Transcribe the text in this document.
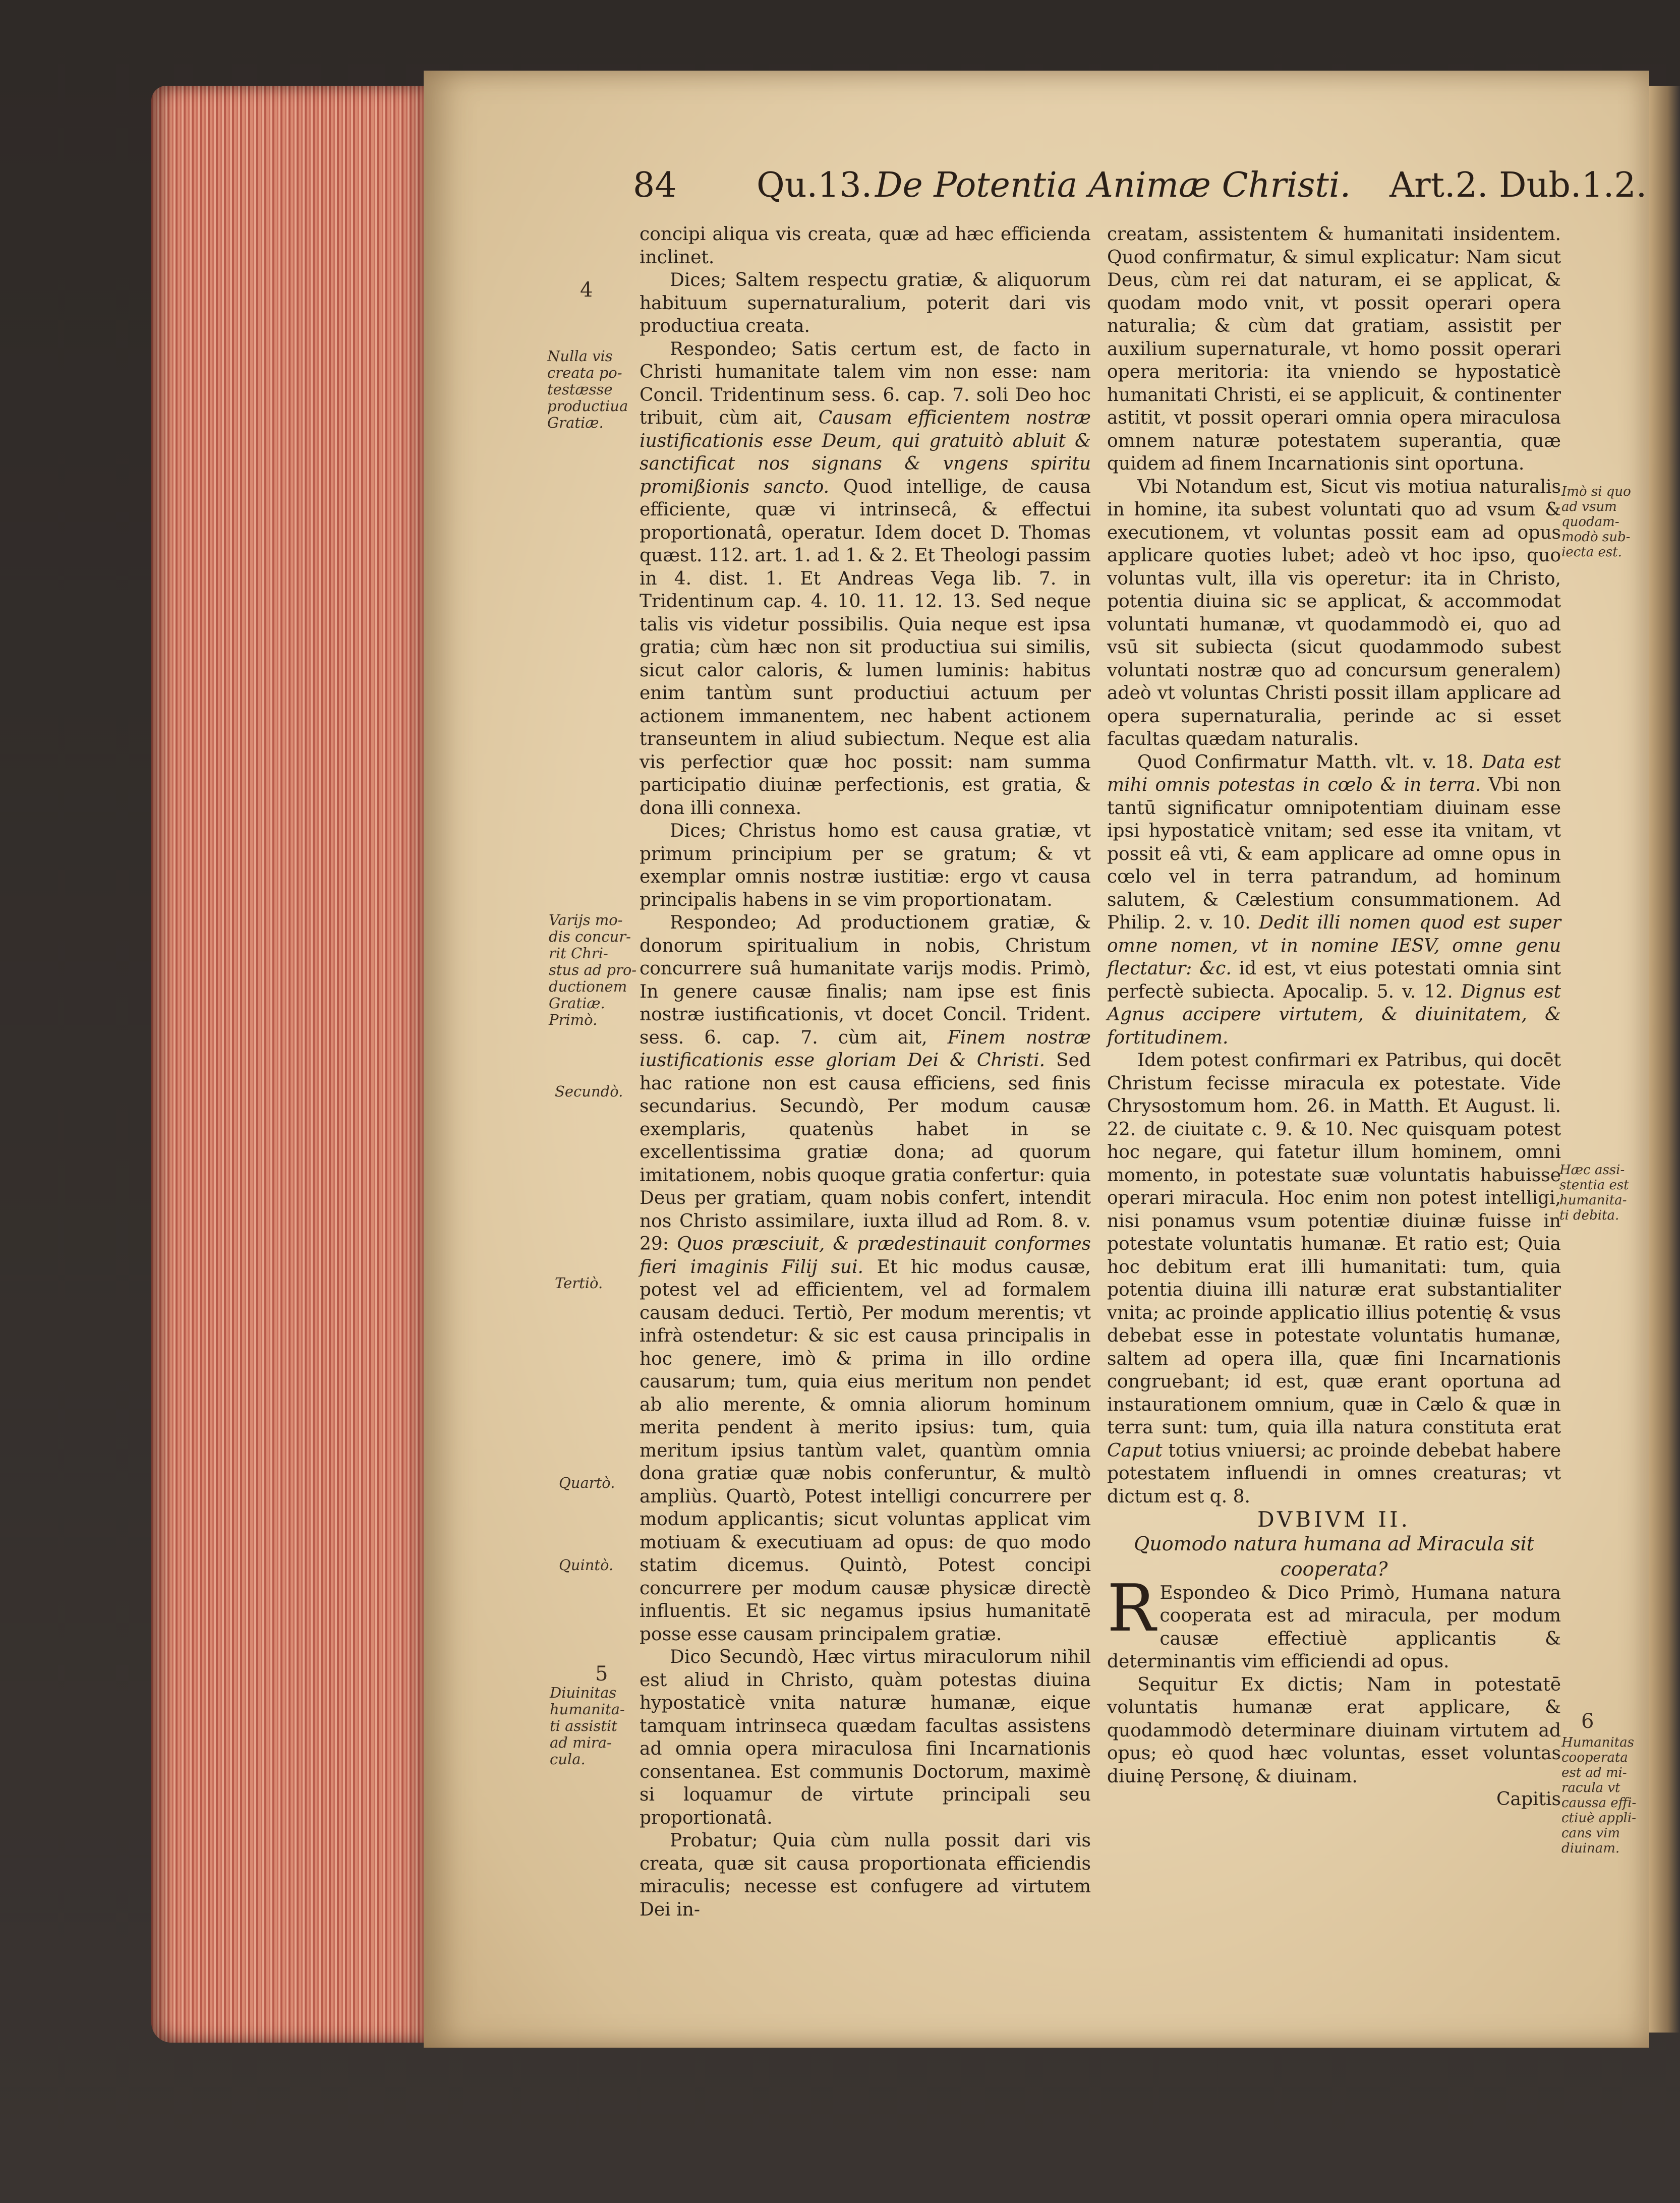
84 Qu.13. De Potentia Animæ Christi. Art.2. Dub.1.2.

concipi aliqua vis creata, quæ ad hæc efficienda inclinet.

Dices; Saltem respectu gratiæ, & aliquorum habituum supernaturalium, poterit dari vis productiua creata.

Respondeo; Satis certum est, de facto in Christi humanitate talem vim non esse: nam Concil. Tridentinum sess. 6. cap. 7. soli Deo hoc tribuit, cùm ait, Causam efficientem nostræ iustificationis esse Deum, qui gratuitò abluit & sanctificat nos signans & vngens spiritu promißionis sancto. Quod intellige, de causa efficiente, quæ vi intrinsecâ, & effectui proportionatâ, operatur. Idem docet D. Thomas quæst. 112. art. 1. ad 1. & 2. Et Theologi passim in 4. dist. 1. Et Andreas Vega lib. 7. in Tridentinum cap. 4. 10. 11. 12. 13. Sed neque talis vis videtur possibilis. Quia neque est ipsa gratia; cùm hæc non sit productiua sui similis, sicut calor caloris, & lumen luminis: habitus enim tantùm sunt productiui actuum per actionem immanentem, nec habent actionem transeuntem in aliud subiectum. Neque est alia vis perfectior quæ hoc possit: nam summa participatio diuinæ perfectionis, est gratia, & dona illi connexa.

Dices; Christus homo est causa gratiæ, vt primum principium per se gratum; & vt exemplar omnis nostræ iustitiæ: ergo vt causa principalis habens in se vim proportionatam.

Respondeo; Ad productionem gratiæ, & donorum spiritualium in nobis, Christum concurrere suâ humanitate varijs modis. Primò, In genere causæ finalis; nam ipse est finis nostræ iustificationis, vt docet Concil. Trident. sess. 6. cap. 7. cùm ait, Finem nostræ iustificationis esse gloriam Dei & Christi. Sed hac ratione non est causa efficiens, sed finis secundarius. Secundò, Per modum causæ exemplaris, quatenùs habet in se excellentissima gratiæ dona; ad quorum imitationem, nobis quoque gratia confertur: quia Deus per gratiam, quam nobis confert, intendit nos Christo assimilare, iuxta illud ad Rom. 8. v. 29: Quos præsciuit, & prædestinauit conformes fieri imaginis Filij sui. Et hic modus causæ, potest vel ad efficientem, vel ad formalem causam deduci. Tertiò, Per modum merentis; vt infrà ostendetur: & sic est causa principalis in hoc genere, imò & prima in illo ordine causarum; tum, quia eius meritum non pendet ab alio merente, & omnia aliorum hominum merita pendent à merito ipsius: tum, quia meritum ipsius tantùm valet, quantùm omnia dona gratiæ quæ nobis conferuntur, & multò ampliùs. Quartò, Potest intelligi concurrere per modum applicantis; sicut voluntas applicat vim motiuam & executiuam ad opus: de quo modo statim dicemus. Quintò, Potest concipi concurrere per modum causæ physicæ directè influentis. Et sic negamus ipsius humanitatē posse esse causam principalem gratiæ.

Dico Secundò, Hæc virtus miraculorum nihil est aliud in Christo, quàm potestas diuina hypostaticè vnita naturæ humanæ, eique tamquam intrinseca quædam facultas assistens ad omnia opera miraculosa fini Incarnationis consentanea. Est communis Doctorum, maximè si loquamur de virtute principali seu proportionatâ.

Probatur; Quia cùm nulla possit dari vis creata, quæ sit causa proportionata efficiendis miraculis; necesse est confugere ad virtutem Dei in-

creatam, assistentem & humanitati insidentem. Quod confirmatur, & simul explicatur: Nam sicut Deus, cùm rei dat naturam, ei se applicat, & quodam modo vnit, vt possit operari opera naturalia; & cùm dat gratiam, assistit per auxilium supernaturale, vt homo possit operari opera meritoria: ita vniendo se hypostaticè humanitati Christi, ei se applicuit, & continenter astitit, vt possit operari omnia opera miraculosa omnem naturæ potestatem superantia, quæ quidem ad finem Incarnationis sint oportuna.

Vbi Notandum est, Sicut vis motiua naturalis in homine, ita subest voluntati quo ad vsum & executionem, vt voluntas possit eam ad opus applicare quoties lubet; adeò vt hoc ipso, quo voluntas vult, illa vis operetur: ita in Christo, potentia diuina sic se applicat, & accommodat voluntati humanæ, vt quodammodò ei, quo ad vsū sit subiecta (sicut quodammodo subest voluntati nostræ quo ad concursum generalem) adeò vt voluntas Christi possit illam applicare ad opera supernaturalia, perinde ac si esset facultas quædam naturalis.

Quod Confirmatur Matth. vlt. v. 18. Data est mihi omnis potestas in cœlo & in terra. Vbi non tantū significatur omnipotentiam diuinam esse ipsi hypostaticè vnitam; sed esse ita vnitam, vt possit eâ vti, & eam applicare ad omne opus in cœlo vel in terra patrandum, ad hominum salutem, & Cælestium consummationem. Ad Philip. 2. v. 10. Dedit illi nomen quod est super omne nomen, vt in nomine IESV, omne genu flectatur: &c. id est, vt eius potestati omnia sint perfectè subiecta. Apocalip. 5. v. 12. Dignus est Agnus accipere virtutem, & diuinitatem, & fortitudinem.

Idem potest confirmari ex Patribus, qui docēt Christum fecisse miracula ex potestate. Vide Chrysostomum hom. 26. in Matth. Et August. li. 22. de ciuitate c. 9. & 10. Nec quisquam potest hoc negare, qui fatetur illum hominem, omni momento, in potestate suæ voluntatis habuisse operari miracula. Hoc enim non potest intelligi, nisi ponamus vsum potentiæ diuinæ fuisse in potestate voluntatis humanæ. Et ratio est; Quia hoc debitum erat illi humanitati: tum, quia potentia diuina illi naturæ erat substantialiter vnita; ac proinde applicatio illius potentię & vsus debebat esse in potestate voluntatis humanæ, saltem ad opera illa, quæ fini Incarnationis congruebant; id est, quæ erant oportuna ad instaurationem omnium, quæ in Cælo & quæ in terra sunt: tum, quia illa natura constituta erat Caput totius vniuersi; ac proinde debebat habere potestatem influendi in omnes creaturas; vt dictum est q. 8.

DVBIVM II.

Quomodo natura humana ad Miracula sit cooperata?

R Espondeo & Dico Primò, Humana natura cooperata est ad miracula, per modum causæ effectiuè applicantis & determinantis vim efficiendi ad opus.

Sequitur Ex dictis; Nam in potestatē voluntatis humanæ erat applicare, & quodammodò determinare diuinam virtutem ad opus; eò quod hæc voluntas, esset voluntas diuinę Personę, & diuinam.

Capitis

4
Nulla vis
creata po-
testæsse
productiua
Gratiæ.
Varijs mo-
dis concur-
rit Chri-
stus ad pro-
ductionem
Gratiæ.
Primò.
Secundò.
Tertiò.
Quartò.
Quintò.
5
Diuinitas
humanita-
ti assistit
ad mira-
cula.
Imò si quo
ad vsum
quodam-
modò sub-
iecta est.
Hæc assi-
stentia est
humanita-
ti debita.
6
Humanitas
cooperata
est ad mi-
racula vt
caussa effi-
ctiuè appli-
cans vim
diuinam.
